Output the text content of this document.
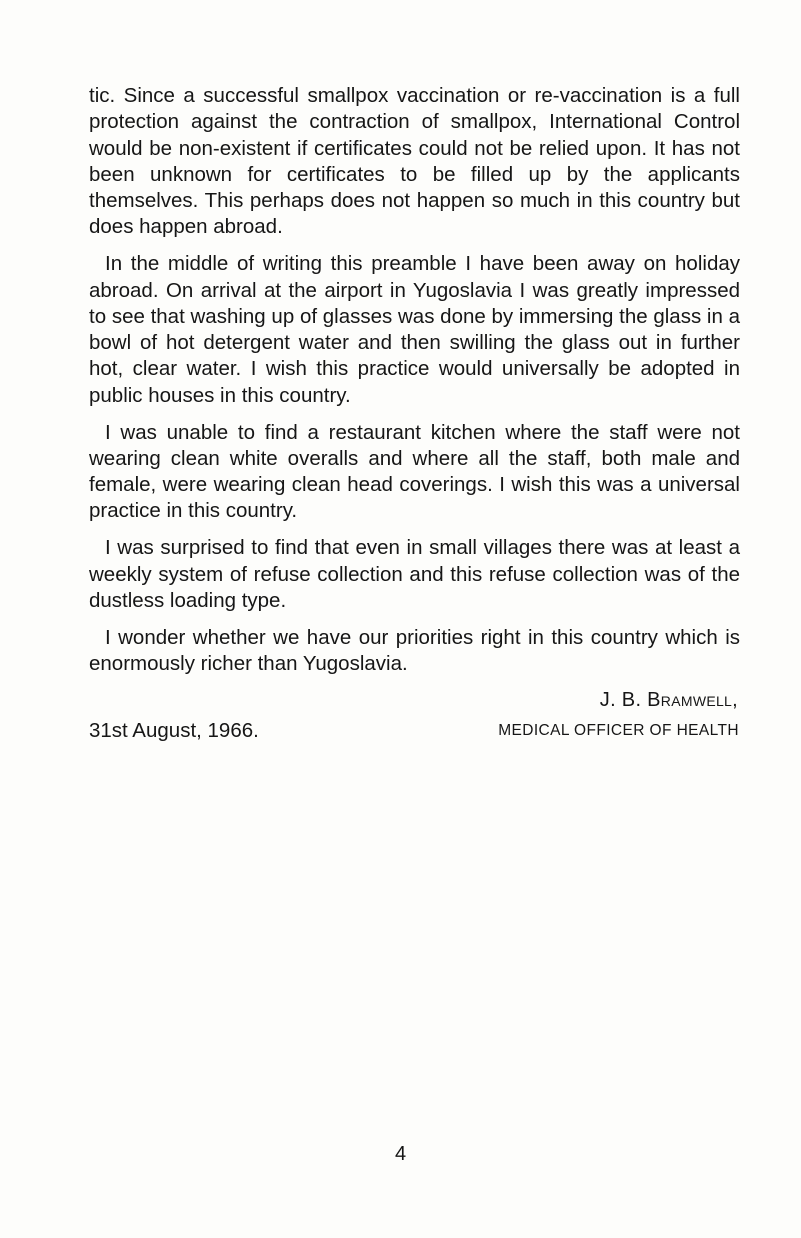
tic. Since a successful smallpox vaccination or re-vaccination is a full protection against the contraction of smallpox, International Control would be non-existent if certificates could not be relied upon. It has not been unknown for certificates to be filled up by the applicants themselves. This perhaps does not happen so much in this country but does happen abroad.

In the middle of writing this preamble I have been away on holiday abroad. On arrival at the airport in Yugoslavia I was greatly impressed to see that washing up of glasses was done by immersing the glass in a bowl of hot detergent water and then swilling the glass out in further hot, clear water. I wish this practice would universally be adopted in public houses in this country.

I was unable to find a restaurant kitchen where the staff were not wearing clean white overalls and where all the staff, both male and female, were wearing clean head coverings. I wish this was a universal practice in this country.

I was surprised to find that even in small villages there was at least a weekly system of refuse collection and this refuse collection was of the dustless loading type.

I wonder whether we have our priorities right in this country which is enormously richer than Yugoslavia.

J. B. Bramwell,
31st August, 1966.	MEDICAL OFFICER OF HEALTH
4
